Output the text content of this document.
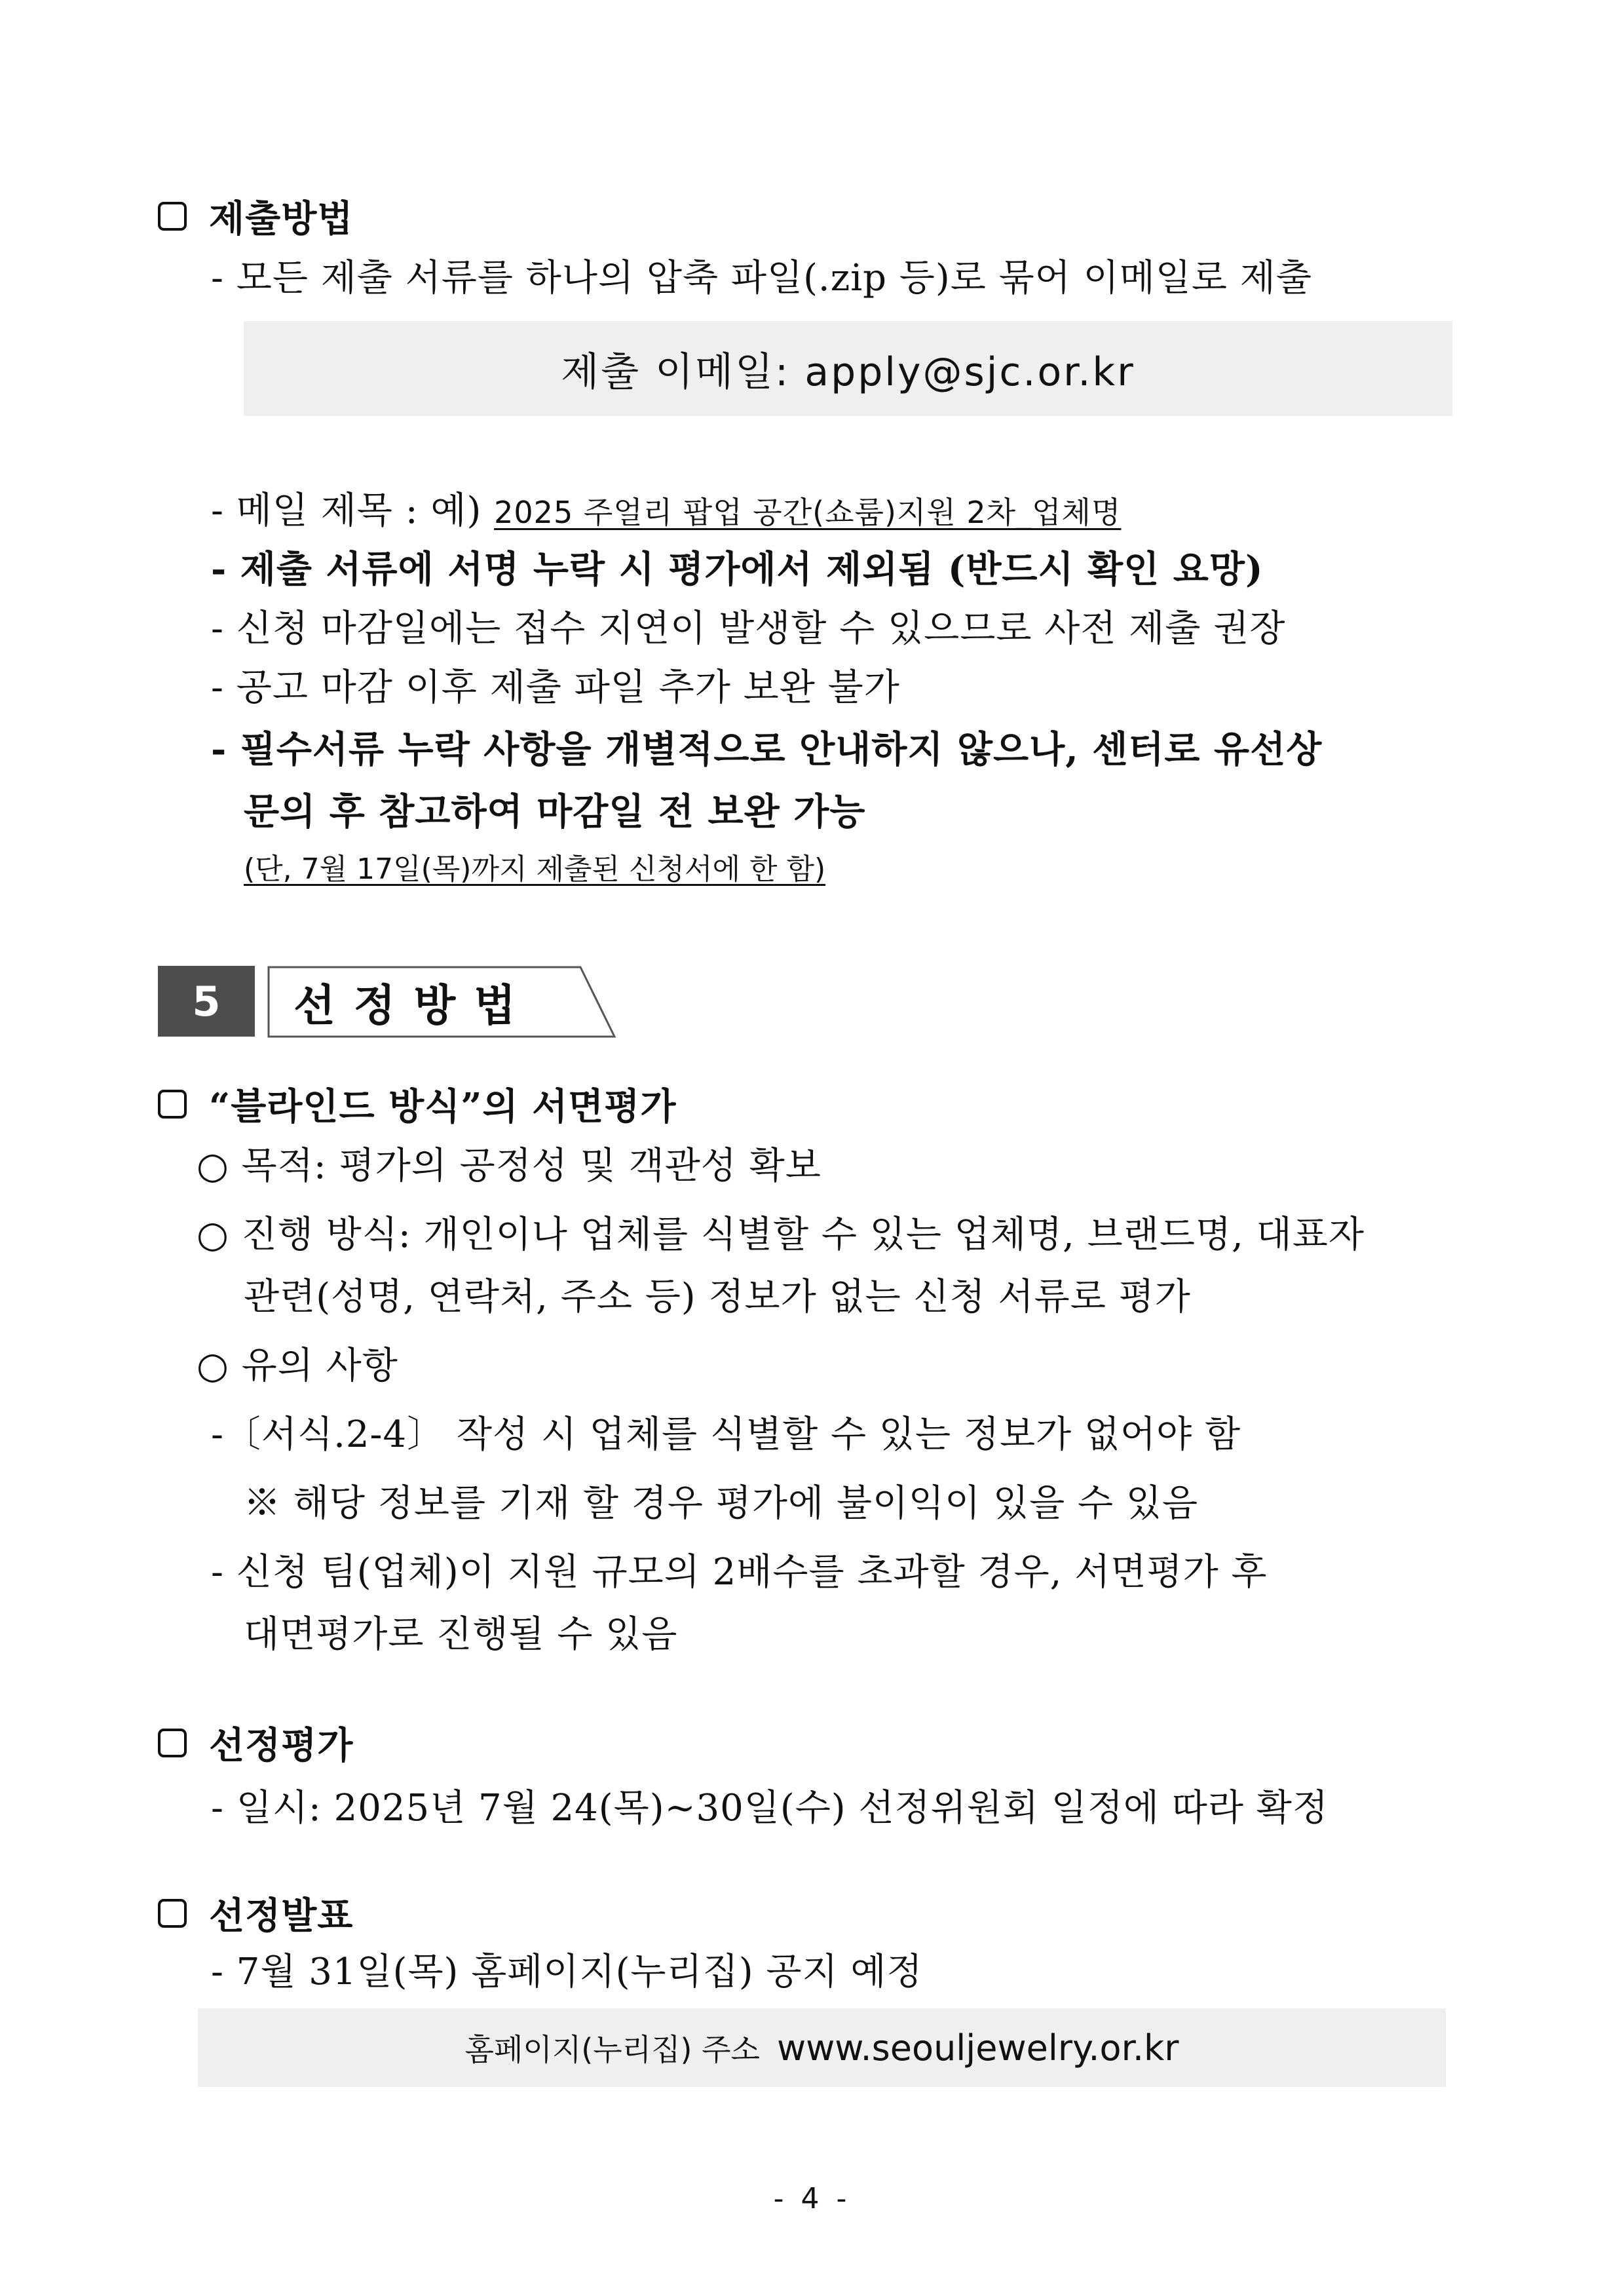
제출방법
- 모든 제출 서류를 하나의 압축 파일(.zip 등)로 묶어 이메일로 제출
제출 이메일: apply@sjc.or.kr
- 메일 제목 : 예) 2025 주얼리 팝업 공간(쇼룸)지원 2차_업체명
- 제출 서류에 서명 누락 시 평가에서 제외됨 (반드시 확인 요망)
- 신청 마감일에는 접수 지연이 발생할 수 있으므로 사전 제출 권장
- 공고 마감 이후 제출 파일 추가 보완 불가
- 필수서류 누락 사항을 개별적으로 안내하지 않으나, 센터로 유선상
문의 후 참고하여 마감일 전 보완 가능
(단, 7월 17일(목)까지 제출된 신청서에 한 함)
5	선정방법
“블라인드 방식”의 서면평가
○ 목적: 평가의 공정성 및 객관성 확보
○ 진행 방식: 개인이나 업체를 식별할 수 있는 업체명, 브랜드명, 대표자
관련(성명, 연락처, 주소 등) 정보가 없는 신청 서류로 평가
○ 유의 사항
-〔서식.2-4〕 작성 시 업체를 식별할 수 있는 정보가 없어야 함
※ 해당 정보를 기재 할 경우 평가에 불이익이 있을 수 있음
- 신청 팀(업체)이 지원 규모의 2배수를 초과할 경우, 서면평가 후
대면평가로 진행될 수 있음
선정평가
- 일시: 2025년 7월 24(목)~30일(수) 선정위원회 일정에 따라 확정
선정발표
- 7월 31일(목) 홈페이지(누리집) 공지 예정
홈페이지(누리집) 주소 www.seouljewelry.or.kr
- 4 -
